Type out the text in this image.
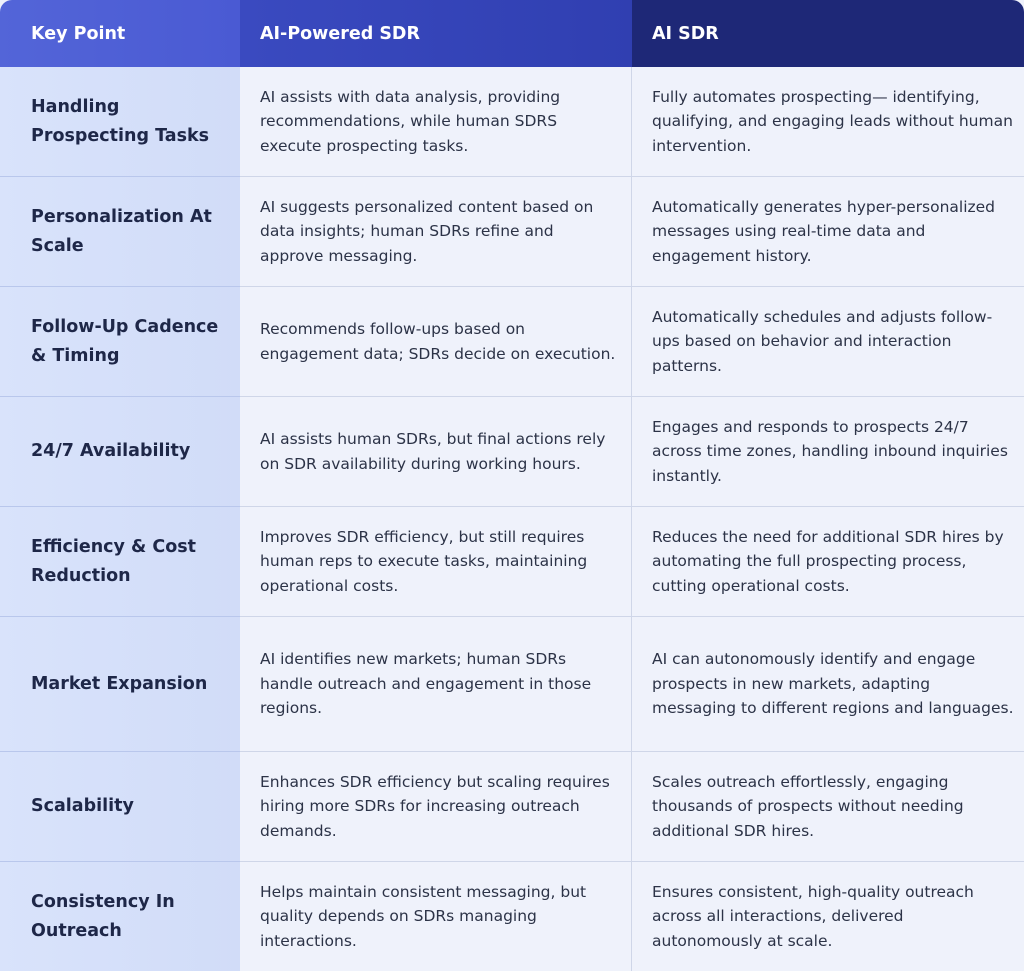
Key Point	AI-Powered SDR	AI SDR
Handling Prospecting Tasks
AI assists with data analysis, providing recommendations, while human SDRS execute prospecting tasks.
Fully automates prospecting— identifying, qualifying, and engaging leads without human intervention.
Personalization At Scale
AI suggests personalized content based on data insights; human SDRs refine and approve messaging.
Automatically generates hyper-personalized messages using real-time data and engagement history.
Follow-Up Cadence & Timing
Recommends follow-ups based on engagement data; SDRs decide on execution.
Automatically schedules and adjusts follow-ups based on behavior and interaction patterns.
24/7 Availability
AI assists human SDRs, but final actions rely on SDR availability during working hours.
Engages and responds to prospects 24/7 across time zones, handling inbound inquiries instantly.
Efficiency & Cost Reduction
Improves SDR efficiency, but still requires human reps to execute tasks, maintaining operational costs.
Reduces the need for additional SDR hires by automating the full prospecting process, cutting operational costs.
Market Expansion
AI identifies new markets; human SDRs handle outreach and engagement in those regions.
AI can autonomously identify and engage prospects in new markets, adapting messaging to different regions and languages.
Scalability
Enhances SDR efficiency but scaling requires hiring more SDRs for increasing outreach demands.
Scales outreach effortlessly, engaging thousands of prospects without needing additional SDR hires.
Consistency In Outreach
Helps maintain consistent messaging, but quality depends on SDRs managing interactions.
Ensures consistent, high-quality outreach across all interactions, delivered autonomously at scale.
